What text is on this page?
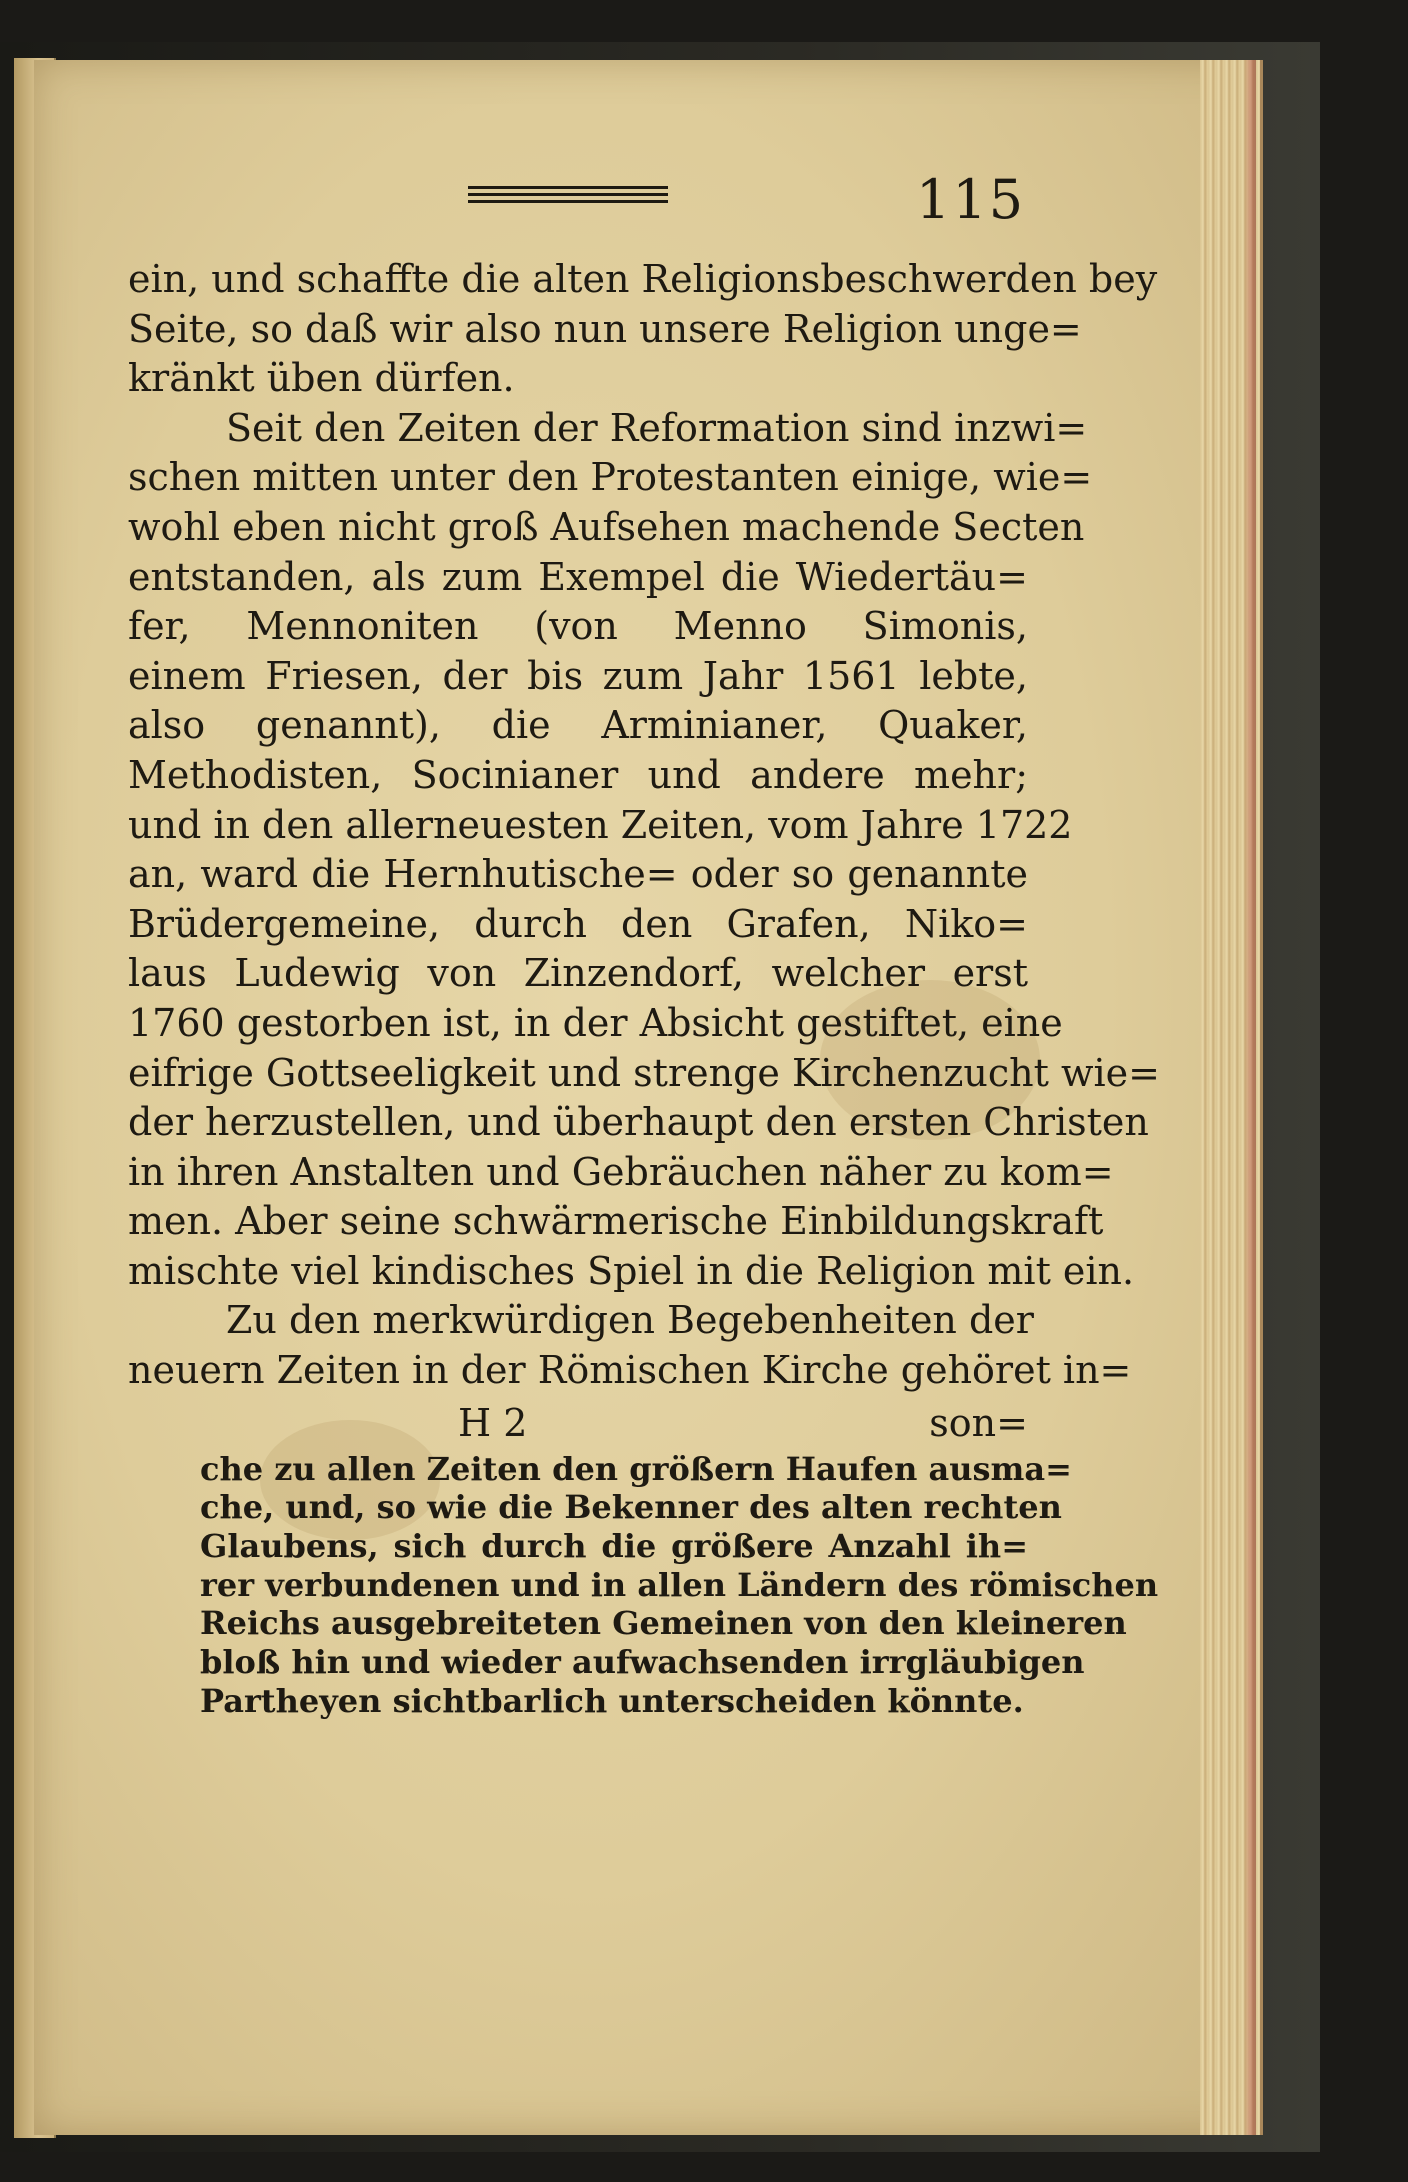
115
ein, und schaffte die alten Religionsbeschwerden bey
Seite, so daß wir also nun unsere Religion unge=
kränkt üben dürfen.
Seit den Zeiten der Reformation sind inzwi=
schen mitten unter den Protestanten einige, wie=
wohl eben nicht groß Aufsehen machende Secten
entstanden, als zum Exempel die Wiedertäu=
fer, Mennoniten (von Menno Simonis,
einem Friesen, der bis zum Jahr 1561 lebte,
also genannt), die Arminianer, Quaker,
Methodisten, Socinianer und andere mehr;
und in den allerneuesten Zeiten, vom Jahre 1722
an, ward die Hernhutische= oder so genannte
Brüdergemeine, durch den Grafen, Niko=
laus Ludewig von Zinzendorf, welcher erst
1760 gestorben ist, in der Absicht gestiftet, eine
eifrige Gottseeligkeit und strenge Kirchenzucht wie=
der herzustellen, und überhaupt den ersten Christen
in ihren Anstalten und Gebräuchen näher zu kom=
men. Aber seine schwärmerische Einbildungskraft
mischte viel kindisches Spiel in die Religion mit ein.
Zu den merkwürdigen Begebenheiten der
neuern Zeiten in der Römischen Kirche gehöret in=
H 2	son=
che zu allen Zeiten den größern Haufen ausma=
che, und, so wie die Bekenner des alten rechten
Glaubens, sich durch die größere Anzahl ih=
rer verbundenen und in allen Ländern des römischen
Reichs ausgebreiteten Gemeinen von den kleineren
bloß hin und wieder aufwachsenden irrgläubigen
Partheyen sichtbarlich unterscheiden könnte.
